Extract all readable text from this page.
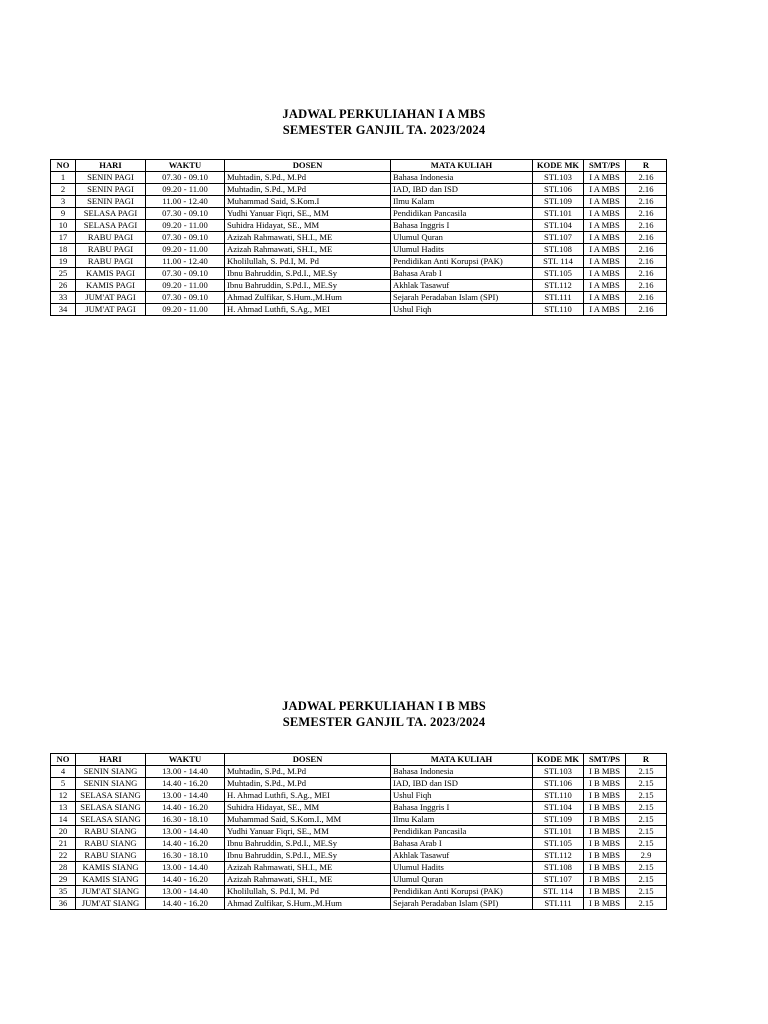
JADWAL PERKULIAHAN I A MBS

SEMESTER GANJIL TA. 2023/2024

NO	HARI	WAKTU	DOSEN	MATA KULIAH	KODE MK	SMT/PS	R
1	SENIN PAGI	07.30 - 09.10	Muhtadin, S.Pd., M.Pd	Bahasa Indonesia	STI.103	I A MBS	2.16
2	SENIN PAGI	09.20 - 11.00	Muhtadin, S.Pd., M.Pd	IAD, IBD dan ISD	STI.106	I A MBS	2.16
3	SENIN PAGI	11.00 - 12.40	Muhammad Said, S.Kom.I	Ilmu Kalam	STI.109	I A MBS	2.16
9	SELASA PAGI	07.30 - 09.10	Yudhi Yanuar Fiqri, SE., MM	Pendidikan Pancasila	STI.101	I A MBS	2.16
10	SELASA PAGI	09.20 - 11.00	Suhidra Hidayat, SE., MM	Bahasa Inggris I	STI.104	I A MBS	2.16
17	RABU PAGI	07.30 - 09.10	Azizah Rahmawati, SH.I., ME	Ulumul Quran	STI.107	I A MBS	2.16
18	RABU PAGI	09.20 - 11.00	Azizah Rahmawati, SH.I., ME	Ulumul Hadits	STI.108	I A MBS	2.16
19	RABU PAGI	11.00 - 12.40	Kholilullah, S. Pd.I, M. Pd	Pendidikan Anti Korupsi (PAK)	STI. 114	I A MBS	2.16
25	KAMIS PAGI	07.30 - 09.10	Ibnu Bahruddin, S.Pd.I., ME.Sy	Bahasa Arab I	STI.105	I A MBS	2.16
26	KAMIS PAGI	09.20 - 11.00	Ibnu Bahruddin, S.Pd.I., ME.Sy	Akhlak Tasawuf	STI.112	I A MBS	2.16
33	JUM'AT PAGI	07.30 - 09.10	Ahmad Zulfikar, S.Hum.,M.Hum	Sejarah Peradaban Islam (SPI)	STI.111	I A MBS	2.16
34	JUM'AT PAGI	09.20 - 11.00	H. Ahmad Luthfi, S.Ag., MEI	Ushul Fiqh	STI.110	I A MBS	2.16

JADWAL PERKULIAHAN I B MBS

SEMESTER GANJIL TA. 2023/2024

NO	HARI	WAKTU	DOSEN	MATA KULIAH	KODE MK	SMT/PS	R
4	SENIN SIANG	13.00 - 14.40	Muhtadin, S.Pd., M.Pd	Bahasa Indonesia	STI.103	I B MBS	2.15
5	SENIN SIANG	14.40 - 16.20	Muhtadin, S.Pd., M.Pd	IAD, IBD dan ISD	STI.106	I B MBS	2.15
12	SELASA SIANG	13.00 - 14.40	H. Ahmad Luthfi, S.Ag., MEI	Ushul Fiqh	STI.110	I B MBS	2.15
13	SELASA SIANG	14.40 - 16.20	Suhidra Hidayat, SE., MM	Bahasa Inggris I	STI.104	I B MBS	2.15
14	SELASA SIANG	16.30 - 18.10	Muhammad Said, S.Kom.I., MM	Ilmu Kalam	STI.109	I B MBS	2.15
20	RABU SIANG	13.00 - 14.40	Yudhi Yanuar Fiqri, SE., MM	Pendidikan Pancasila	STI.101	I B MBS	2.15
21	RABU SIANG	14.40 - 16.20	Ibnu Bahruddin, S.Pd.I., ME.Sy	Bahasa Arab I	STI.105	I B MBS	2.15
22	RABU SIANG	16.30 - 18.10	Ibnu Bahruddin, S.Pd.I., ME.Sy	Akhlak Tasawuf	STI.112	I B MBS	2.9
28	KAMIS SIANG	13.00 - 14.40	Azizah Rahmawati, SH.I., ME	Ulumul Hadits	STI.108	I B MBS	2.15
29	KAMIS SIANG	14.40 - 16.20	Azizah Rahmawati, SH.I., ME	Ulumul Quran	STI.107	I B MBS	2.15
35	JUM'AT SIANG	13.00 - 14.40	Kholilullah, S. Pd.I, M. Pd	Pendidikan Anti Korupsi (PAK)	STI. 114	I B MBS	2.15
36	JUM'AT SIANG	14.40 - 16.20	Ahmad Zulfikar, S.Hum.,M.Hum	Sejarah Peradaban Islam (SPI)	STI.111	I B MBS	2.15
